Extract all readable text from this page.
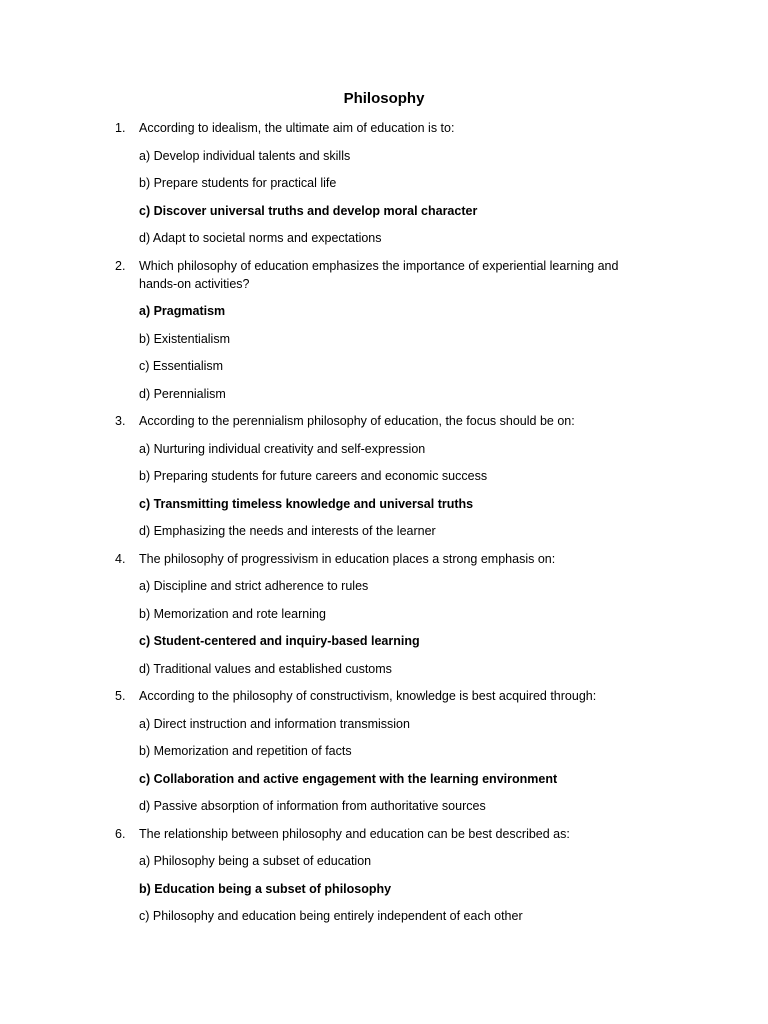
Philosophy
1. According to idealism, the ultimate aim of education is to:
a) Develop individual talents and skills
b) Prepare students for practical life
c) Discover universal truths and develop moral character
d) Adapt to societal norms and expectations
2. Which philosophy of education emphasizes the importance of experiential learning and hands-on activities?
a) Pragmatism
b) Existentialism
c) Essentialism
d) Perennialism
3. According to the perennialism philosophy of education, the focus should be on:
a) Nurturing individual creativity and self-expression
b) Preparing students for future careers and economic success
c) Transmitting timeless knowledge and universal truths
d) Emphasizing the needs and interests of the learner
4. The philosophy of progressivism in education places a strong emphasis on:
a) Discipline and strict adherence to rules
b) Memorization and rote learning
c) Student-centered and inquiry-based learning
d) Traditional values and established customs
5. According to the philosophy of constructivism, knowledge is best acquired through:
a) Direct instruction and information transmission
b) Memorization and repetition of facts
c) Collaboration and active engagement with the learning environment
d) Passive absorption of information from authoritative sources
6. The relationship between philosophy and education can be best described as:
a) Philosophy being a subset of education
b) Education being a subset of philosophy
c) Philosophy and education being entirely independent of each other
